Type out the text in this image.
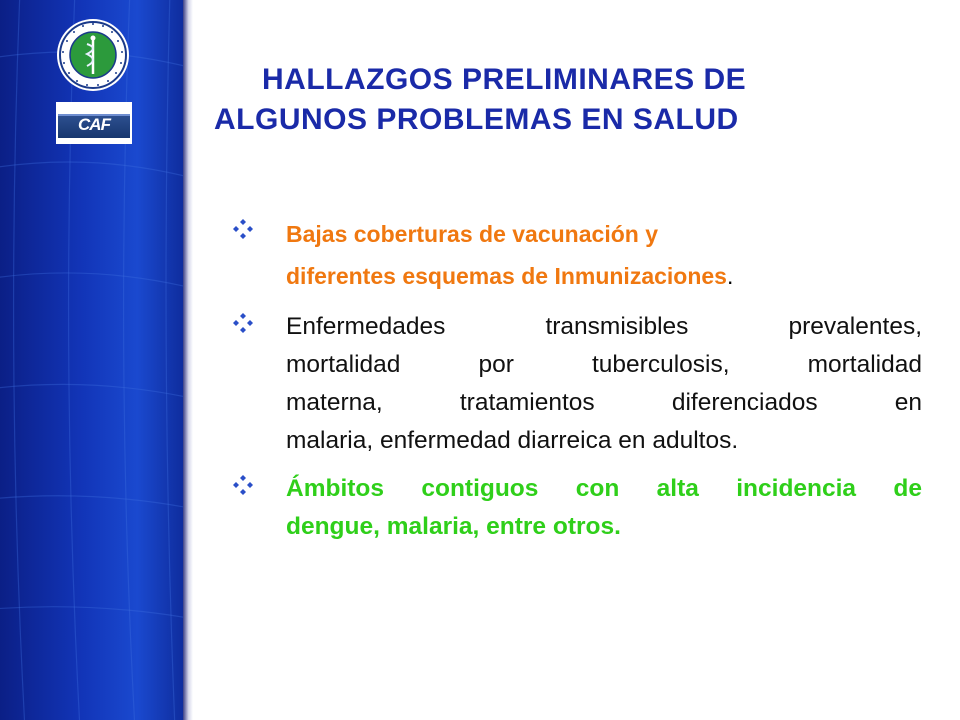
CAF
HALLAZGOS PRELIMINARES DE
ALGUNOS PROBLEMAS EN SALUD
Bajas coberturas de vacunación y
diferentes esquemas de Inmunizaciones.
Enfermedades transmisibles prevalentes,
mortalidad por tuberculosis, mortalidad
materna, tratamientos diferenciados en
malaria, enfermedad diarreica en adultos.
Ámbitos contiguos con alta incidencia de
dengue, malaria, entre otros.
